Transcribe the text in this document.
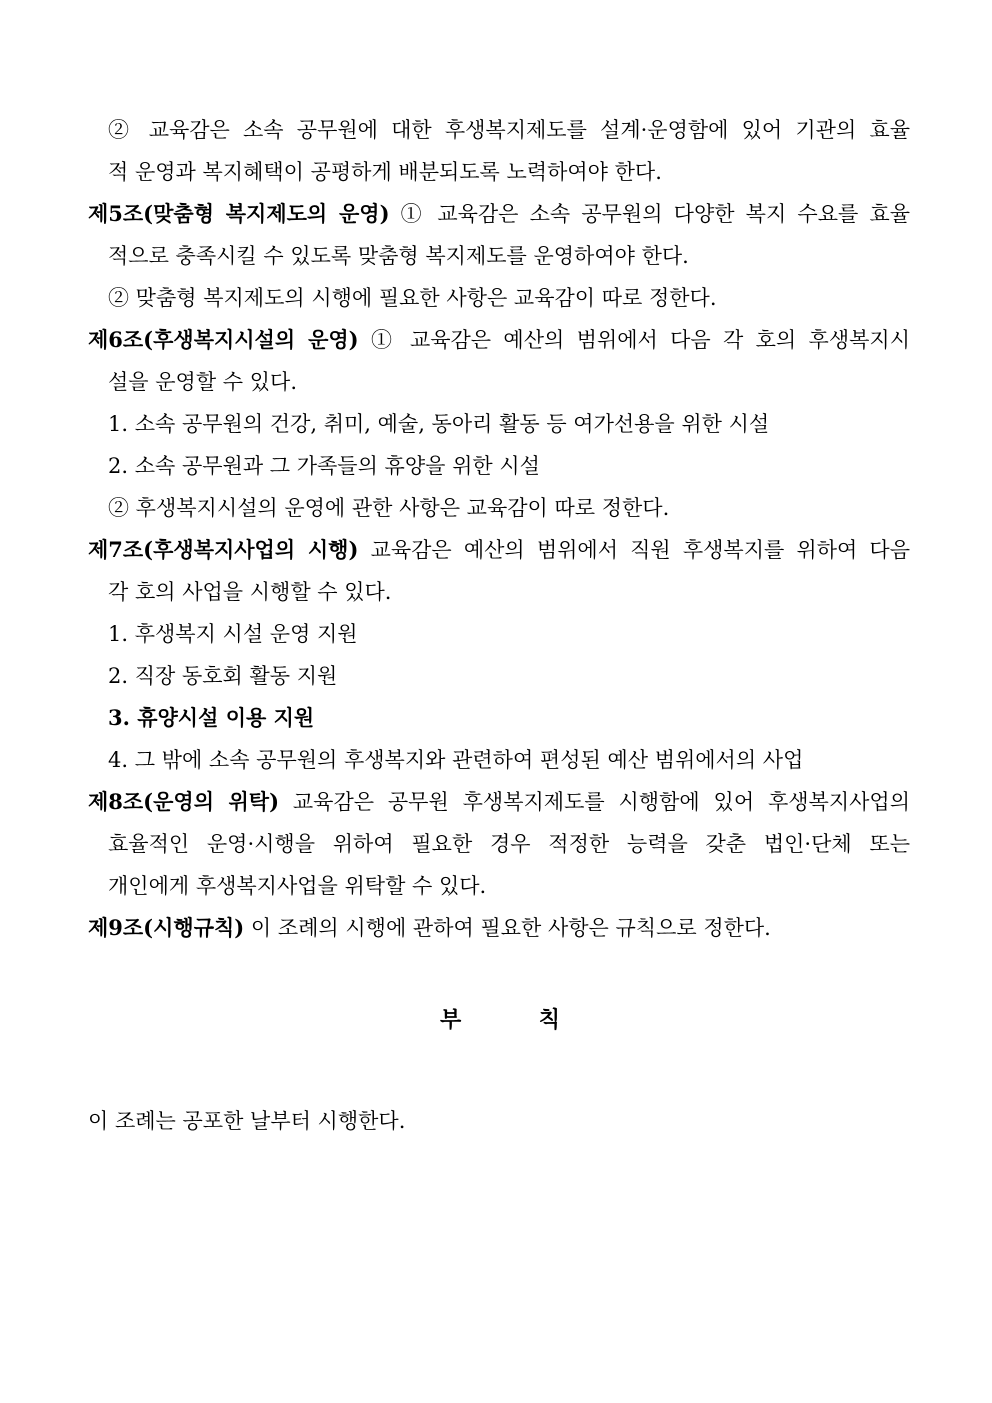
② 교육감은 소속 공무원에 대한 후생복지제도를 설계·운영함에 있어 기관의 효율
적 운영과 복지혜택이 공평하게 배분되도록 노력하여야 한다.
제5조(맞춤형 복지제도의 운영) ① 교육감은 소속 공무원의 다양한 복지 수요를 효율
적으로 충족시킬 수 있도록 맞춤형 복지제도를 운영하여야 한다.
② 맞춤형 복지제도의 시행에 필요한 사항은 교육감이 따로 정한다.
제6조(후생복지시설의 운영) ① 교육감은 예산의 범위에서 다음 각 호의 후생복지시
설을 운영할 수 있다.
1. 소속 공무원의 건강, 취미, 예술, 동아리 활동 등 여가선용을 위한 시설
2. 소속 공무원과 그 가족들의 휴양을 위한 시설
② 후생복지시설의 운영에 관한 사항은 교육감이 따로 정한다.
제7조(후생복지사업의 시행) 교육감은 예산의 범위에서 직원 후생복지를 위하여 다음
각 호의 사업을 시행할 수 있다.
1. 후생복지 시설 운영 지원
2. 직장 동호회 활동 지원
3. 휴양시설 이용 지원
4. 그 밖에 소속 공무원의 후생복지와 관련하여 편성된 예산 범위에서의 사업
제8조(운영의 위탁) 교육감은 공무원 후생복지제도를 시행함에 있어 후생복지사업의
효율적인 운영·시행을 위하여 필요한 경우 적정한 능력을 갖춘 법인·단체 또는
개인에게 후생복지사업을 위탁할 수 있다.
제9조(시행규칙) 이 조례의 시행에 관하여 필요한 사항은 규칙으로 정한다.
부 칙
이 조례는 공포한 날부터 시행한다.
